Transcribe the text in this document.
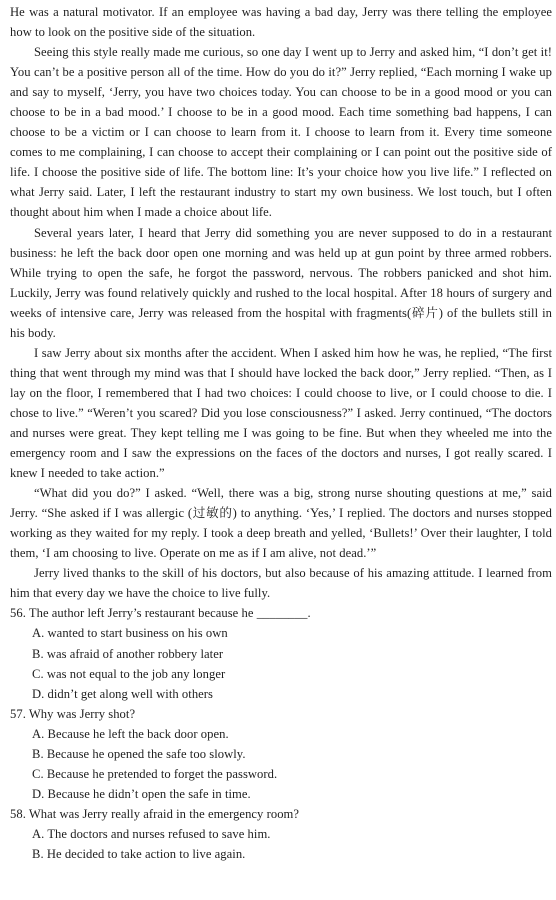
He was a natural motivator. If an employee was having a bad day, Jerry was there telling the employee how to look on the positive side of the situation.

Seeing this style really made me curious, so one day I went up to Jerry and asked him, “I don’t get it! You can’t be a positive person all of the time. How do you do it?” Jerry replied, “Each morning I wake up and say to myself, ‘Jerry, you have two choices today. You can choose to be in a good mood or you can choose to be in a bad mood.’ I choose to be in a good mood. Each time something bad happens, I can choose to be a victim or I can choose to learn from it. I choose to learn from it. Every time someone comes to me complaining, I can choose to accept their complaining or I can point out the positive side of life. I choose the positive side of life. The bottom line: It’s your choice how you live life.” I reflected on what Jerry said. Later, I left the restaurant industry to start my own business. We lost touch, but I often thought about him when I made a choice about life.

Several years later, I heard that Jerry did something you are never supposed to do in a restaurant business: he left the back door open one morning and was held up at gun point by three armed robbers. While trying to open the safe, he forgot the password, nervous. The robbers panicked and shot him. Luckily, Jerry was found relatively quickly and rushed to the local hospital. After 18 hours of surgery and weeks of intensive care, Jerry was released from the hospital with fragments(碎片) of the bullets still in his body.

I saw Jerry about six months after the accident. When I asked him how he was, he replied, “The first thing that went through my mind was that I should have locked the back door,” Jerry replied. “Then, as I lay on the floor, I remembered that I had two choices: I could choose to live, or I could choose to die. I chose to live.” “Weren’t you scared? Did you lose consciousness?” I asked. Jerry continued, “The doctors and nurses were great. They kept telling me I was going to be fine. But when they wheeled me into the emergency room and I saw the expressions on the faces of the doctors and nurses, I got really scared. I knew I needed to take action.”

“What did you do?” I asked. “Well, there was a big, strong nurse shouting questions at me,” said Jerry. “She asked if I was allergic (过敏的) to anything. ‘Yes,’ I replied. The doctors and nurses stopped working as they waited for my reply. I took a deep breath and yelled, ‘Bullets!’ Over their laughter, I told them, ‘I am choosing to live. Operate on me as if I am alive, not dead.’”

Jerry lived thanks to the skill of his doctors, but also because of his amazing attitude. I learned from him that every day we have the choice to live fully.

56. The author left Jerry’s restaurant because he ________.
A. wanted to start business on his own
B. was afraid of another robbery later
C. was not equal to the job any longer
D. didn’t get along well with others
57. Why was Jerry shot?
A. Because he left the back door open.
B. Because he opened the safe too slowly.
C. Because he pretended to forget the password.
D. Because he didn’t open the safe in time.
58. What was Jerry really afraid in the emergency room?
A. The doctors and nurses refused to save him.
B. He decided to take action to live again.
